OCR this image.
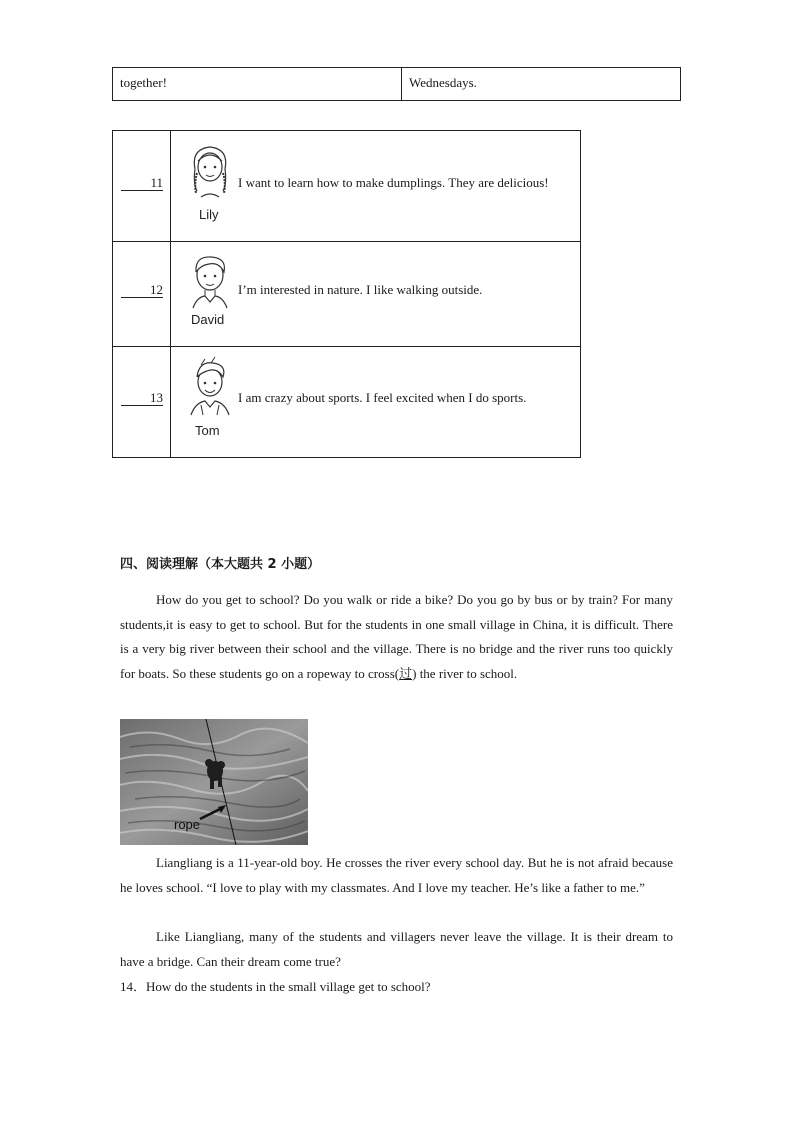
together!	Wednesdays.
11
Lily
I want to learn how to make dumplings. They are delicious!
12
David
I’m interested in nature. I like walking outside.
13
Tom
I am crazy about sports. I feel excited when I do sports.
四、阅读理解（本大题共 2 小题）
How do you get to school? Do you walk or ride a bike? Do you go by bus or by train? For many students,it is easy to get to school. But for the students in one small village in China, it is difficult. There is a very big river between their school and the village. There is no bridge and the river runs too quickly for boats. So these students go on a ropeway to cross(过) the river to school.
rope
Liangliang is a 11-year-old boy. He crosses the river every school day. But he is not afraid because he loves school. “I love to play with my classmates. And I love my teacher. He’s like a father to me.”
Like Liangliang, many of the students and villagers never leave the village. It is their dream to have a bridge. Can their dream come true?
14．How do the students in the small village get to school?
